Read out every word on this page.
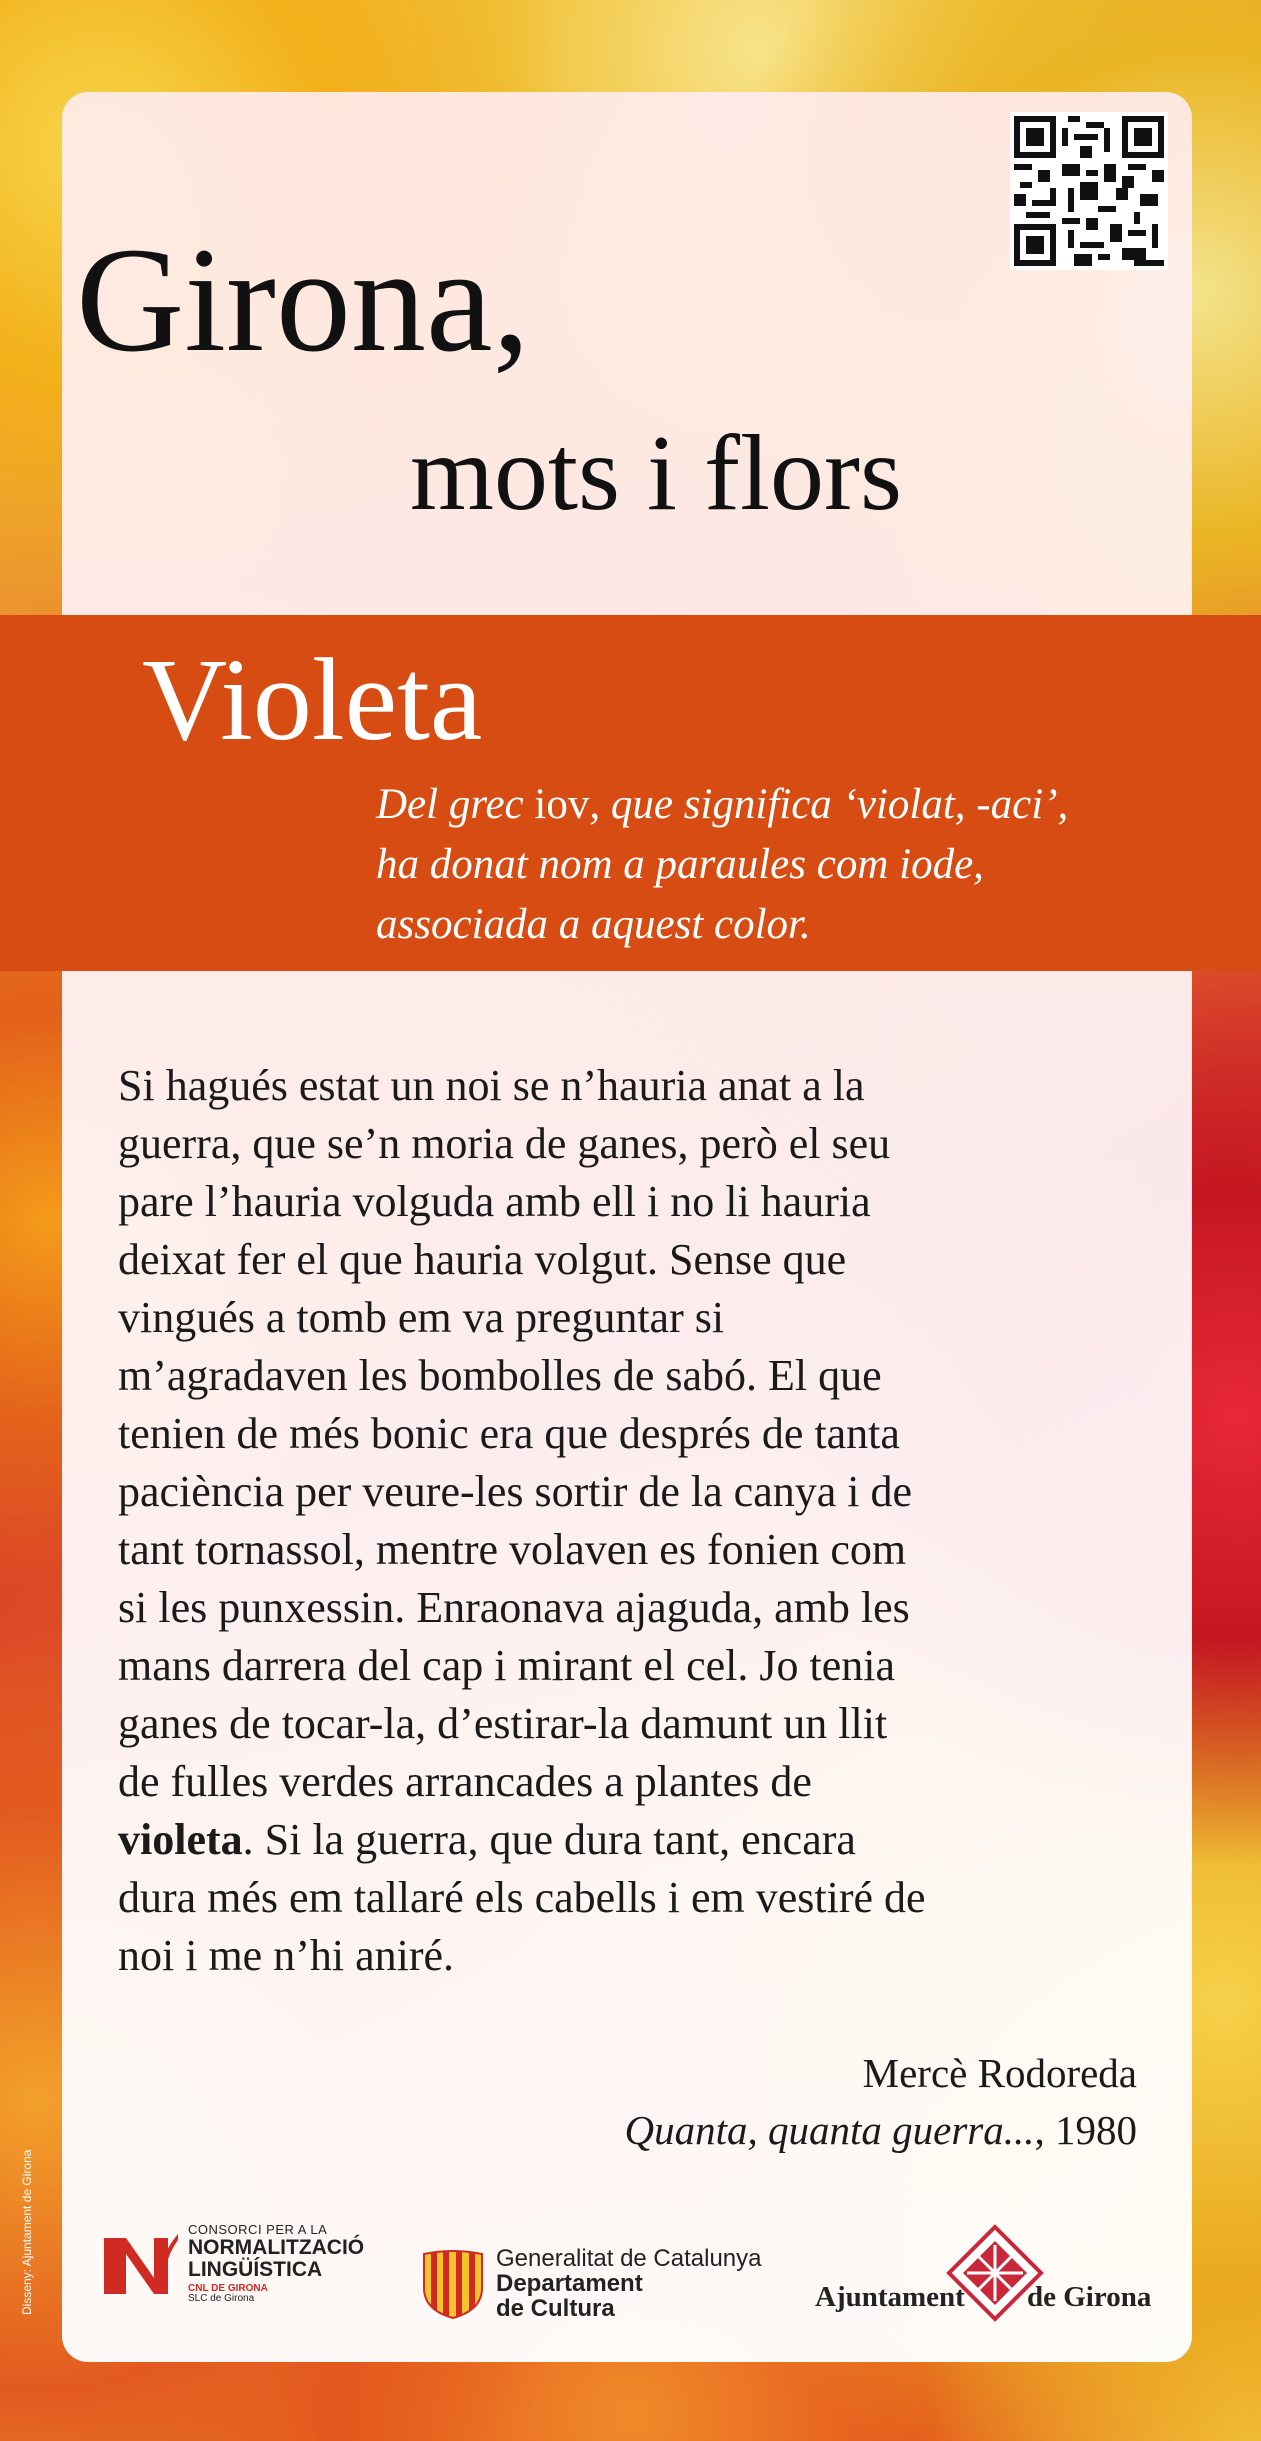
Girona,
mots i flors
Violeta
Del grec iov, que significa ‘violat, -aci’,
ha donat nom a paraules com iode,
associada a aquest color.
Si hagués estat un noi se n’hauria anat a la
guerra, que se’n moria de ganes, però el seu
pare l’hauria volguda amb ell i no li hauria
deixat fer el que hauria volgut. Sense que
vingués a tomb em va preguntar si
m’agradaven les bombolles de sabó. El que
tenien de més bonic era que després de tanta
paciència per veure-les sortir de la canya i de
tant tornassol, mentre volaven es fonien com
si les punxessin. Enraonava ajaguda, amb les
mans darrera del cap i mirant el cel. Jo tenia
ganes de tocar-la, d’estirar-la damunt un llit
de fulles verdes arrancades a plantes de
violeta. Si la guerra, que dura tant, encara
dura més em tallaré els cabells i em vestiré de
noi i me n’hi aniré.
Mercè Rodoreda
Quanta, quanta guerra..., 1980
Disseny: Ajuntament de Girona	CONSORCI PER A LA
NORMALITZACIÓ
LINGÜÍSTICA
CNL DE GIRONA
SLC de Girona
Generalitat de Catalunya
Departament
de Cultura	Ajuntament de Girona
